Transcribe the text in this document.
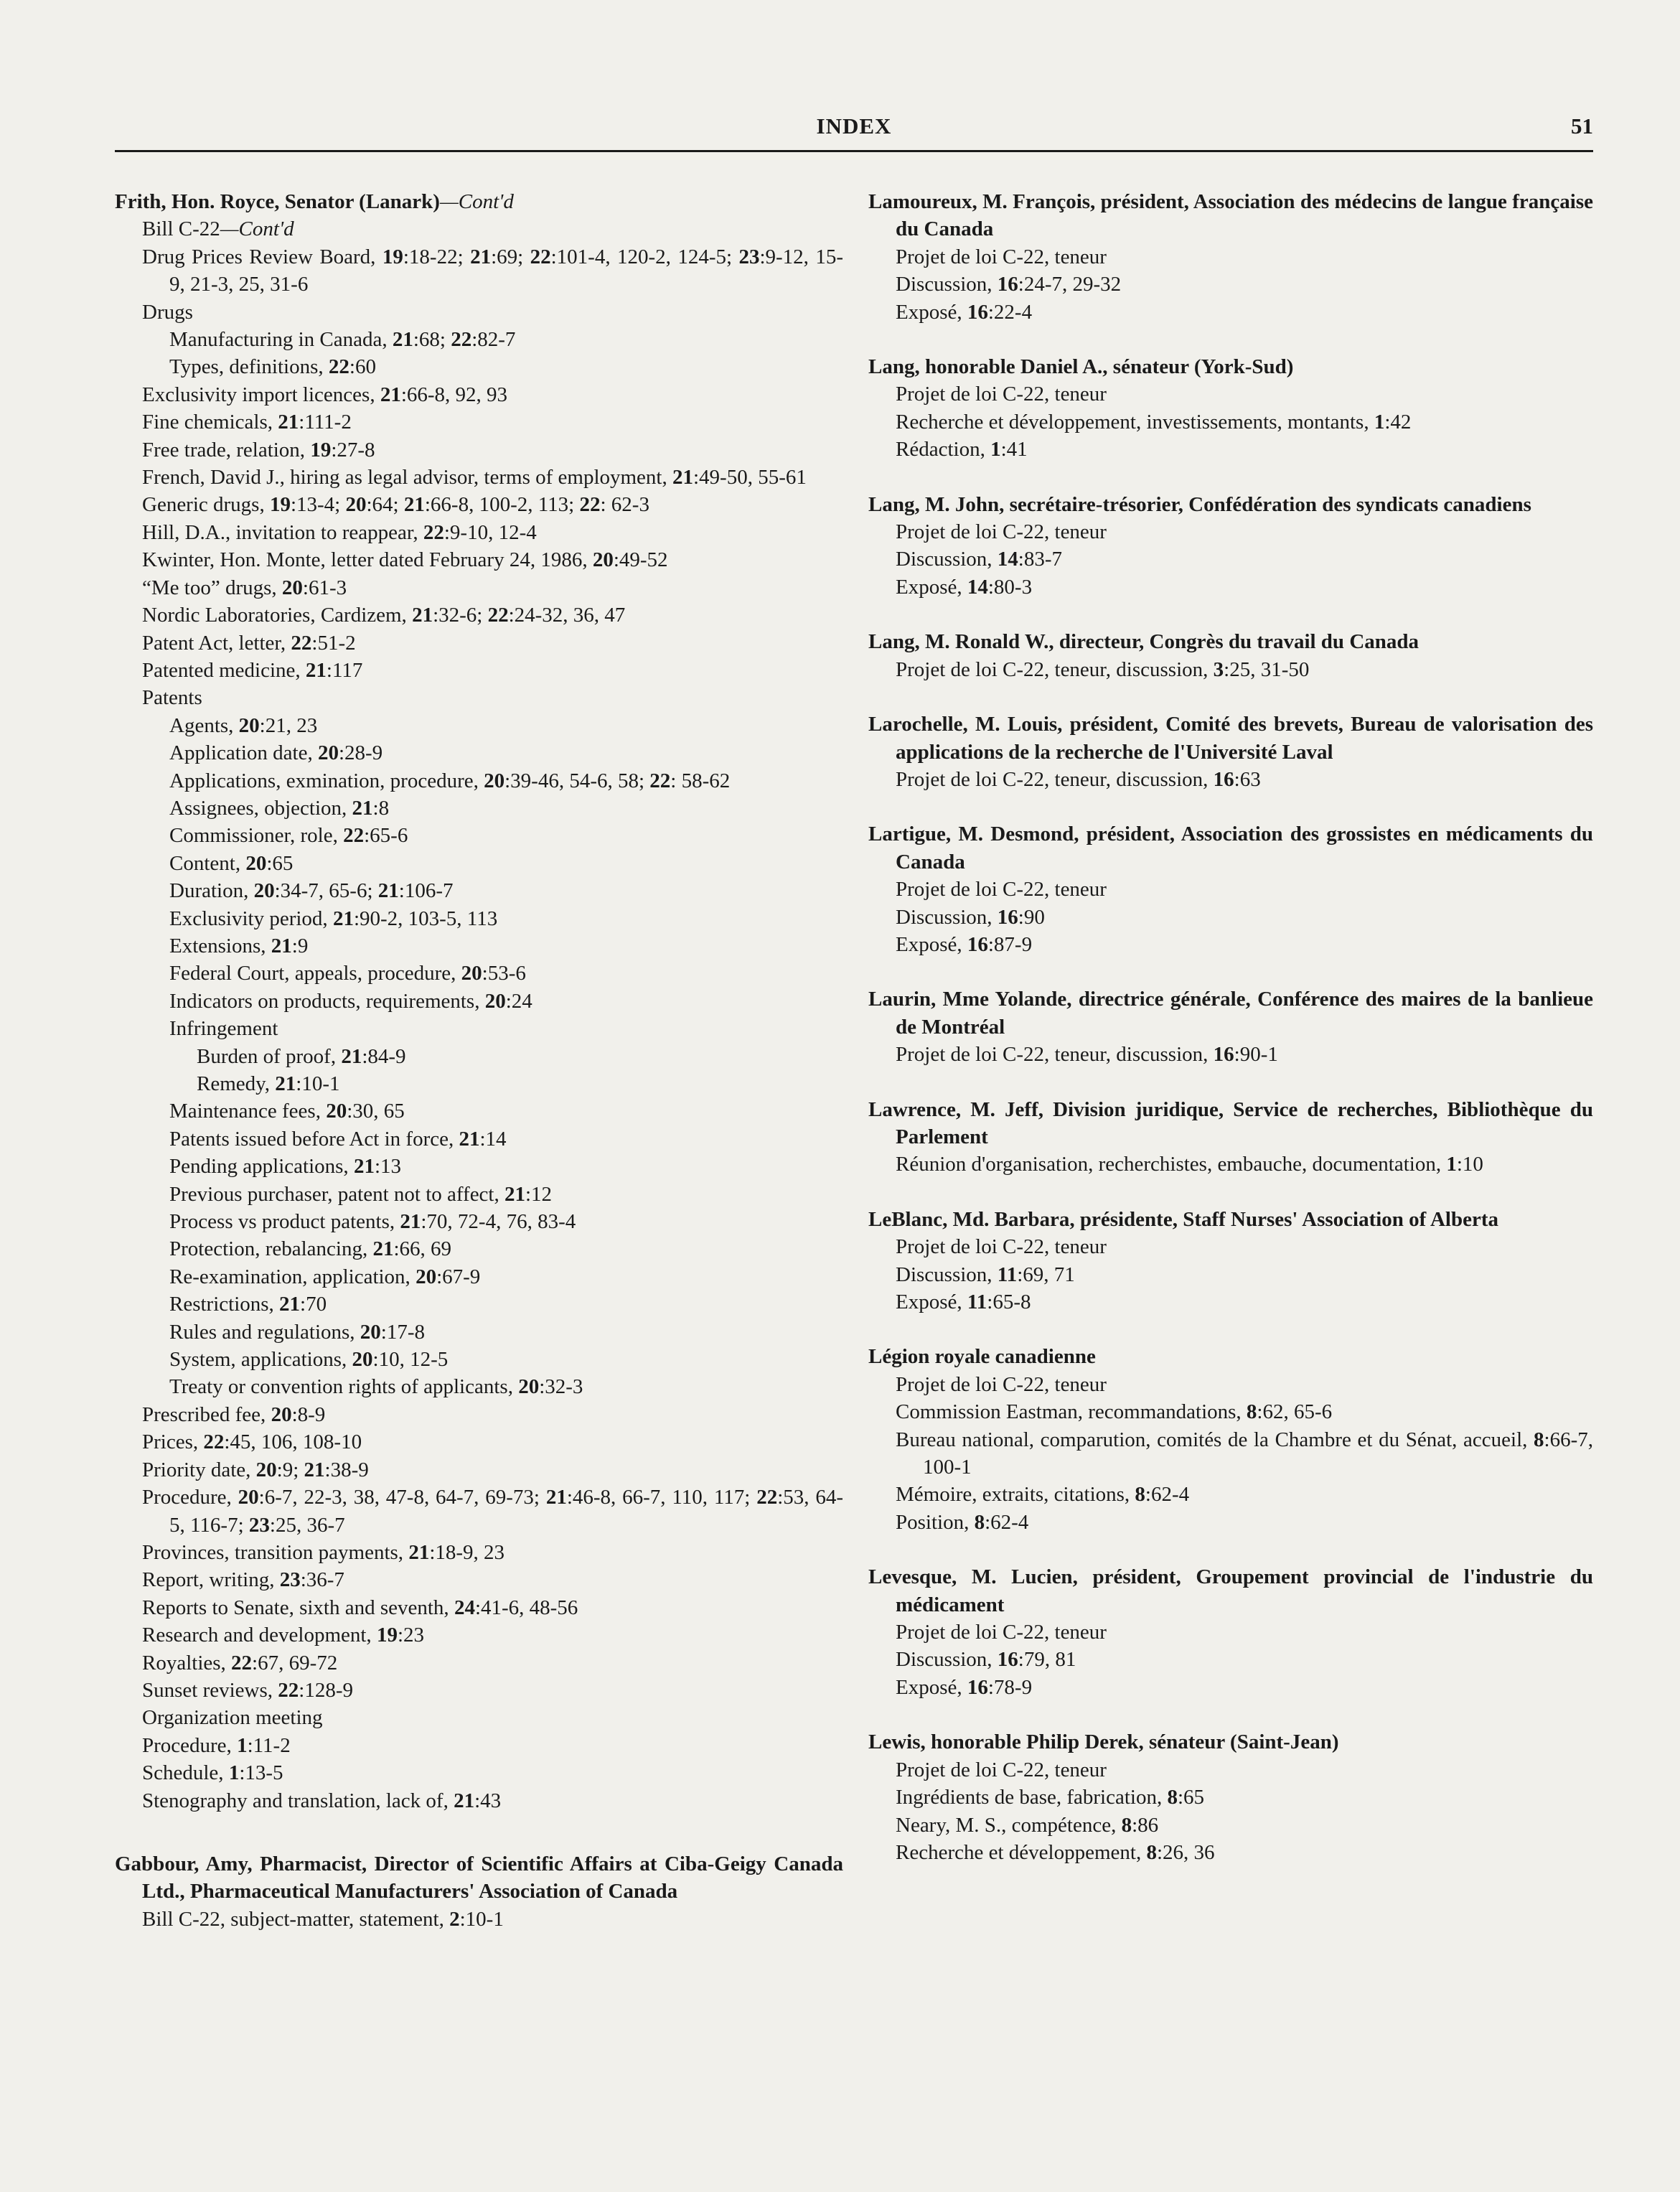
INDEX	51
Frith, Hon. Royce, Senator (Lanark)—Cont'd
Bill C-22—Cont'd
Drug Prices Review Board, 19:18-22; 21:69; 22:101-4, 120-2, 124-5; 23:9-12, 15-9, 21-3, 25, 31-6
Drugs
Manufacturing in Canada, 21:68; 22:82-7
Types, definitions, 22:60
Exclusivity import licences, 21:66-8, 92, 93
Fine chemicals, 21:111-2
Free trade, relation, 19:27-8
French, David J., hiring as legal advisor, terms of employment, 21:49-50, 55-61
Generic drugs, 19:13-4; 20:64; 21:66-8, 100-2, 113; 22: 62-3
Hill, D.A., invitation to reappear, 22:9-10, 12-4
Kwinter, Hon. Monte, letter dated February 24, 1986, 20:49-52
“Me too” drugs, 20:61-3
Nordic Laboratories, Cardizem, 21:32-6; 22:24-32, 36, 47
Patent Act, letter, 22:51-2
Patented medicine, 21:117
Patents
Agents, 20:21, 23
Application date, 20:28-9
Applications, exmination, procedure, 20:39-46, 54-6, 58; 22: 58-62
Assignees, objection, 21:8
Commissioner, role, 22:65-6
Content, 20:65
Duration, 20:34-7, 65-6; 21:106-7
Exclusivity period, 21:90-2, 103-5, 113
Extensions, 21:9
Federal Court, appeals, procedure, 20:53-6
Indicators on products, requirements, 20:24
Infringement
Burden of proof, 21:84-9
Remedy, 21:10-1
Maintenance fees, 20:30, 65
Patents issued before Act in force, 21:14
Pending applications, 21:13
Previous purchaser, patent not to affect, 21:12
Process vs product patents, 21:70, 72-4, 76, 83-4
Protection, rebalancing, 21:66, 69
Re-examination, application, 20:67-9
Restrictions, 21:70
Rules and regulations, 20:17-8
System, applications, 20:10, 12-5
Treaty or convention rights of applicants, 20:32-3
Prescribed fee, 20:8-9
Prices, 22:45, 106, 108-10
Priority date, 20:9; 21:38-9
Procedure, 20:6-7, 22-3, 38, 47-8, 64-7, 69-73; 21:46-8, 66-7, 110, 117; 22:53, 64-5, 116-7; 23:25, 36-7
Provinces, transition payments, 21:18-9, 23
Report, writing, 23:36-7
Reports to Senate, sixth and seventh, 24:41-6, 48-56
Research and development, 19:23
Royalties, 22:67, 69-72
Sunset reviews, 22:128-9
Organization meeting
Procedure, 1:11-2
Schedule, 1:13-5
Stenography and translation, lack of, 21:43
Gabbour, Amy, Pharmacist, Director of Scientific Affairs at Ciba-Geigy Canada Ltd., Pharmaceutical Manufacturers' Association of Canada
Bill C-22, subject-matter, statement, 2:10-1
Lamoureux, M. François, président, Association des médecins de langue française du Canada
Projet de loi C-22, teneur
Discussion, 16:24-7, 29-32
Exposé, 16:22-4
Lang, honorable Daniel A., sénateur (York-Sud)
Projet de loi C-22, teneur
Recherche et développement, investissements, montants, 1:42
Rédaction, 1:41
Lang, M. John, secrétaire-trésorier, Confédération des syndicats canadiens
Projet de loi C-22, teneur
Discussion, 14:83-7
Exposé, 14:80-3
Lang, M. Ronald W., directeur, Congrès du travail du Canada
Projet de loi C-22, teneur, discussion, 3:25, 31-50
Larochelle, M. Louis, président, Comité des brevets, Bureau de valorisation des applications de la recherche de l'Université Laval
Projet de loi C-22, teneur, discussion, 16:63
Lartigue, M. Desmond, président, Association des grossistes en médicaments du Canada
Projet de loi C-22, teneur
Discussion, 16:90
Exposé, 16:87-9
Laurin, Mme Yolande, directrice générale, Conférence des maires de la banlieue de Montréal
Projet de loi C-22, teneur, discussion, 16:90-1
Lawrence, M. Jeff, Division juridique, Service de recherches, Bibliothèque du Parlement
Réunion d'organisation, recherchistes, embauche, documentation, 1:10
LeBlanc, Md. Barbara, présidente, Staff Nurses' Association of Alberta
Projet de loi C-22, teneur
Discussion, 11:69, 71
Exposé, 11:65-8
Légion royale canadienne
Projet de loi C-22, teneur
Commission Eastman, recommandations, 8:62, 65-6
Bureau national, comparution, comités de la Chambre et du Sénat, accueil, 8:66-7, 100-1
Mémoire, extraits, citations, 8:62-4
Position, 8:62-4
Levesque, M. Lucien, président, Groupement provincial de l'industrie du médicament
Projet de loi C-22, teneur
Discussion, 16:79, 81
Exposé, 16:78-9
Lewis, honorable Philip Derek, sénateur (Saint-Jean)
Projet de loi C-22, teneur
Ingrédients de base, fabrication, 8:65
Neary, M. S., compétence, 8:86
Recherche et développement, 8:26, 36
